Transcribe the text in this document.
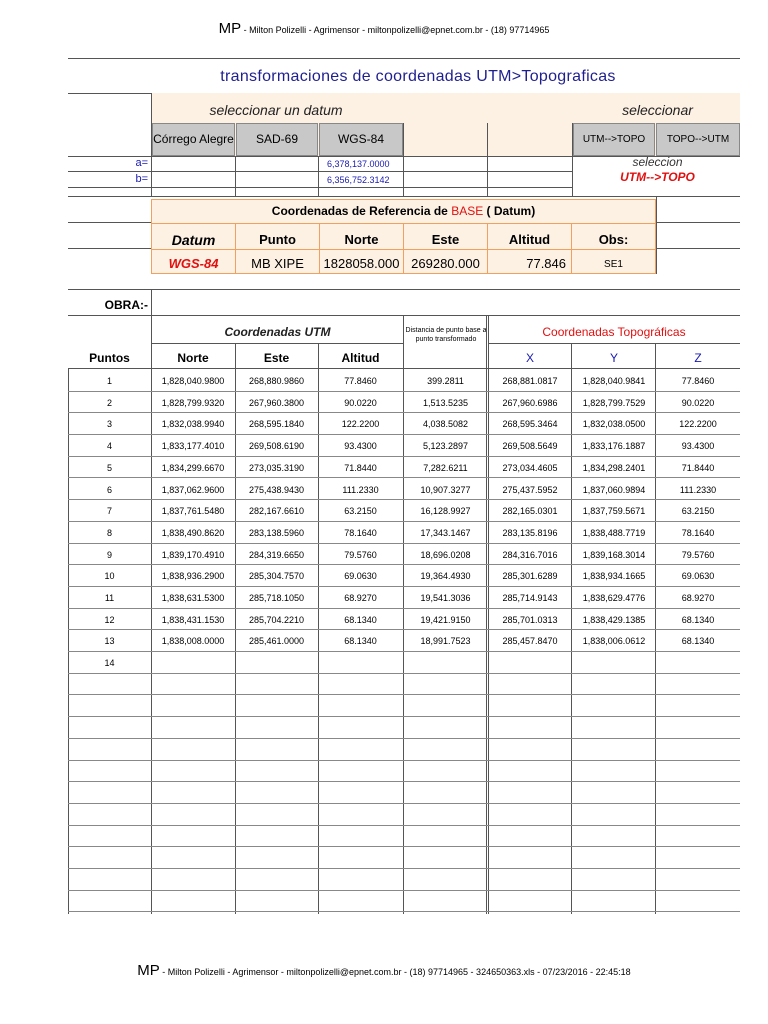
MP - Milton Polizelli - Agrimensor - miltonpolizelli@epnet.com.br - (18) 97714965
transformaciones de coordenadas UTM>Topograficas
seleccionar un datum	seleccionar
Córrego Alegre	SAD-69	WGS-84	UTM-->TOPO	TOPO-->UTM
a=	6,378,137.0000
b=	6,356,752.3142
seleccion
UTM-->TOPO
Coordenadas de Referencia de BASE ( Datum)
Datum	Punto	Norte	Este	Altitud	Obs:
WGS-84	MB XIPE	1828058.000 269280.000	77.846	SE1
OBRA:-
Coordenadas UTM	Distancia de punto base a punto transformado
Coordenadas Topográficas
Puntos	Norte	Este	Altitud	X	Y	Z
1	1,828,040.9800	268,880.9860	77.8460	399.2811	268,881.0817	1,828,040.9841	77.8460
2	1,828,799.9320	267,960.3800	90.0220	1,513.5235	267,960.6986	1,828,799.7529	90.0220
3	1,832,038.9940	268,595.1840	122.2200	4,038.5082	268,595.3464	1,832,038.0500	122.2200
4	1,833,177.4010	269,508.6190	93.4300	5,123.2897	269,508.5649	1,833,176.1887	93.4300
5	1,834,299.6670	273,035.3190	71.8440	7,282.6211	273,034.4605	1,834,298.2401	71.8440
6	1,837,062.9600	275,438.9430	111.2330	10,907.3277	275,437.5952	1,837,060.9894	111.2330
7	1,837,761.5480	282,167.6610	63.2150	16,128.9927	282,165.0301	1,837,759.5671	63.2150
8	1,838,490.8620	283,138.5960	78.1640	17,343.1467	283,135.8196	1,838,488.7719	78.1640
9	1,839,170.4910	284,319.6650	79.5760	18,696.0208	284,316.7016	1,839,168.3014	79.5760
10	1,838,936.2900	285,304.7570	69.0630	19,364.4930	285,301.6289	1,838,934.1665	69.0630
11	1,838,631.5300	285,718.1050	68.9270	19,541.3036	285,714.9143	1,838,629.4776	68.9270
12	1,838,431.1530	285,704.2210	68.1340	19,421.9150	285,701.0313	1,838,429.1385	68.1340
13	1,838,008.0000	285,461.0000	68.1340	18,991.7523	285,457.8470	1,838,006.0612	68.1340
14
MP - Milton Polizelli - Agrimensor - miltonpolizelli@epnet.com.br - (18) 97714965 - 324650363.xls - 07/23/2016 - 22:45:18
